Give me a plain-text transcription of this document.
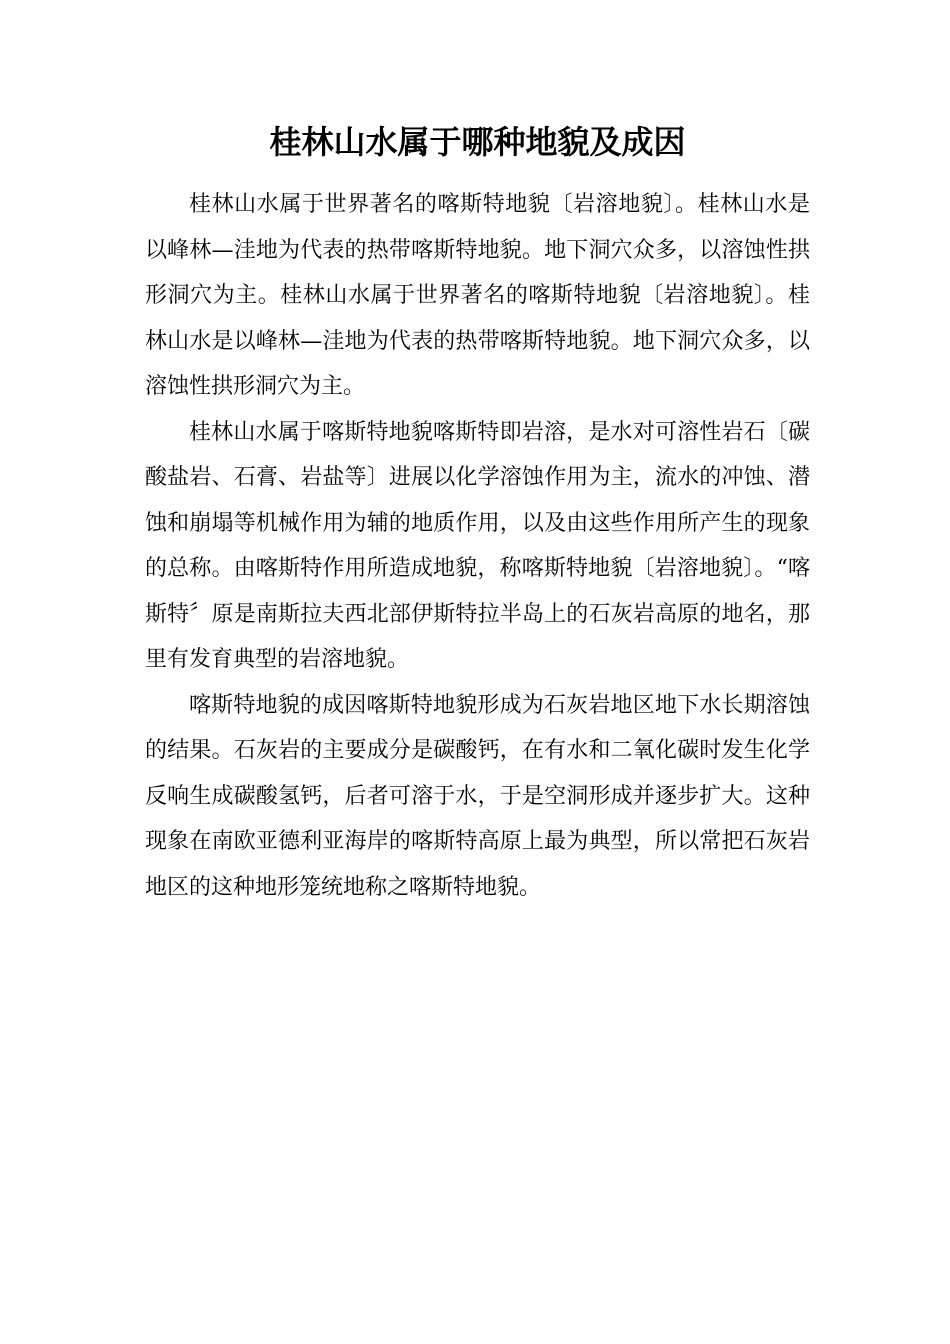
桂林山水属于哪种地貌及成因

桂林山水属于世界著名的喀斯特地貌〔岩溶地貌〕。桂林山水是以峰林—洼地为代表的热带喀斯特地貌。地下洞穴众多，以溶蚀性拱形洞穴为主。桂林山水属于世界著名的喀斯特地貌〔岩溶地貌〕。桂林山水是以峰林—洼地为代表的热带喀斯特地貌。地下洞穴众多，以溶蚀性拱形洞穴为主。

桂林山水属于喀斯特地貌喀斯特即岩溶，是水对可溶性岩石〔碳酸盐岩、石膏、岩盐等〕进展以化学溶蚀作用为主，流水的冲蚀、潜蚀和崩塌等机械作用为辅的地质作用，以及由这些作用所产生的现象的总称。由喀斯特作用所造成地貌，称喀斯特地貌〔岩溶地貌〕。“喀斯特〞原是南斯拉夫西北部伊斯特拉半岛上的石灰岩高原的地名，那里有发育典型的岩溶地貌。

喀斯特地貌的成因喀斯特地貌形成为石灰岩地区地下水长期溶蚀的结果。石灰岩的主要成分是碳酸钙，在有水和二氧化碳时发生化学反响生成碳酸氢钙，后者可溶于水，于是空洞形成并逐步扩大。这种现象在南欧亚德利亚海岸的喀斯特高原上最为典型，所以常把石灰岩地区的这种地形笼统地称之喀斯特地貌。
